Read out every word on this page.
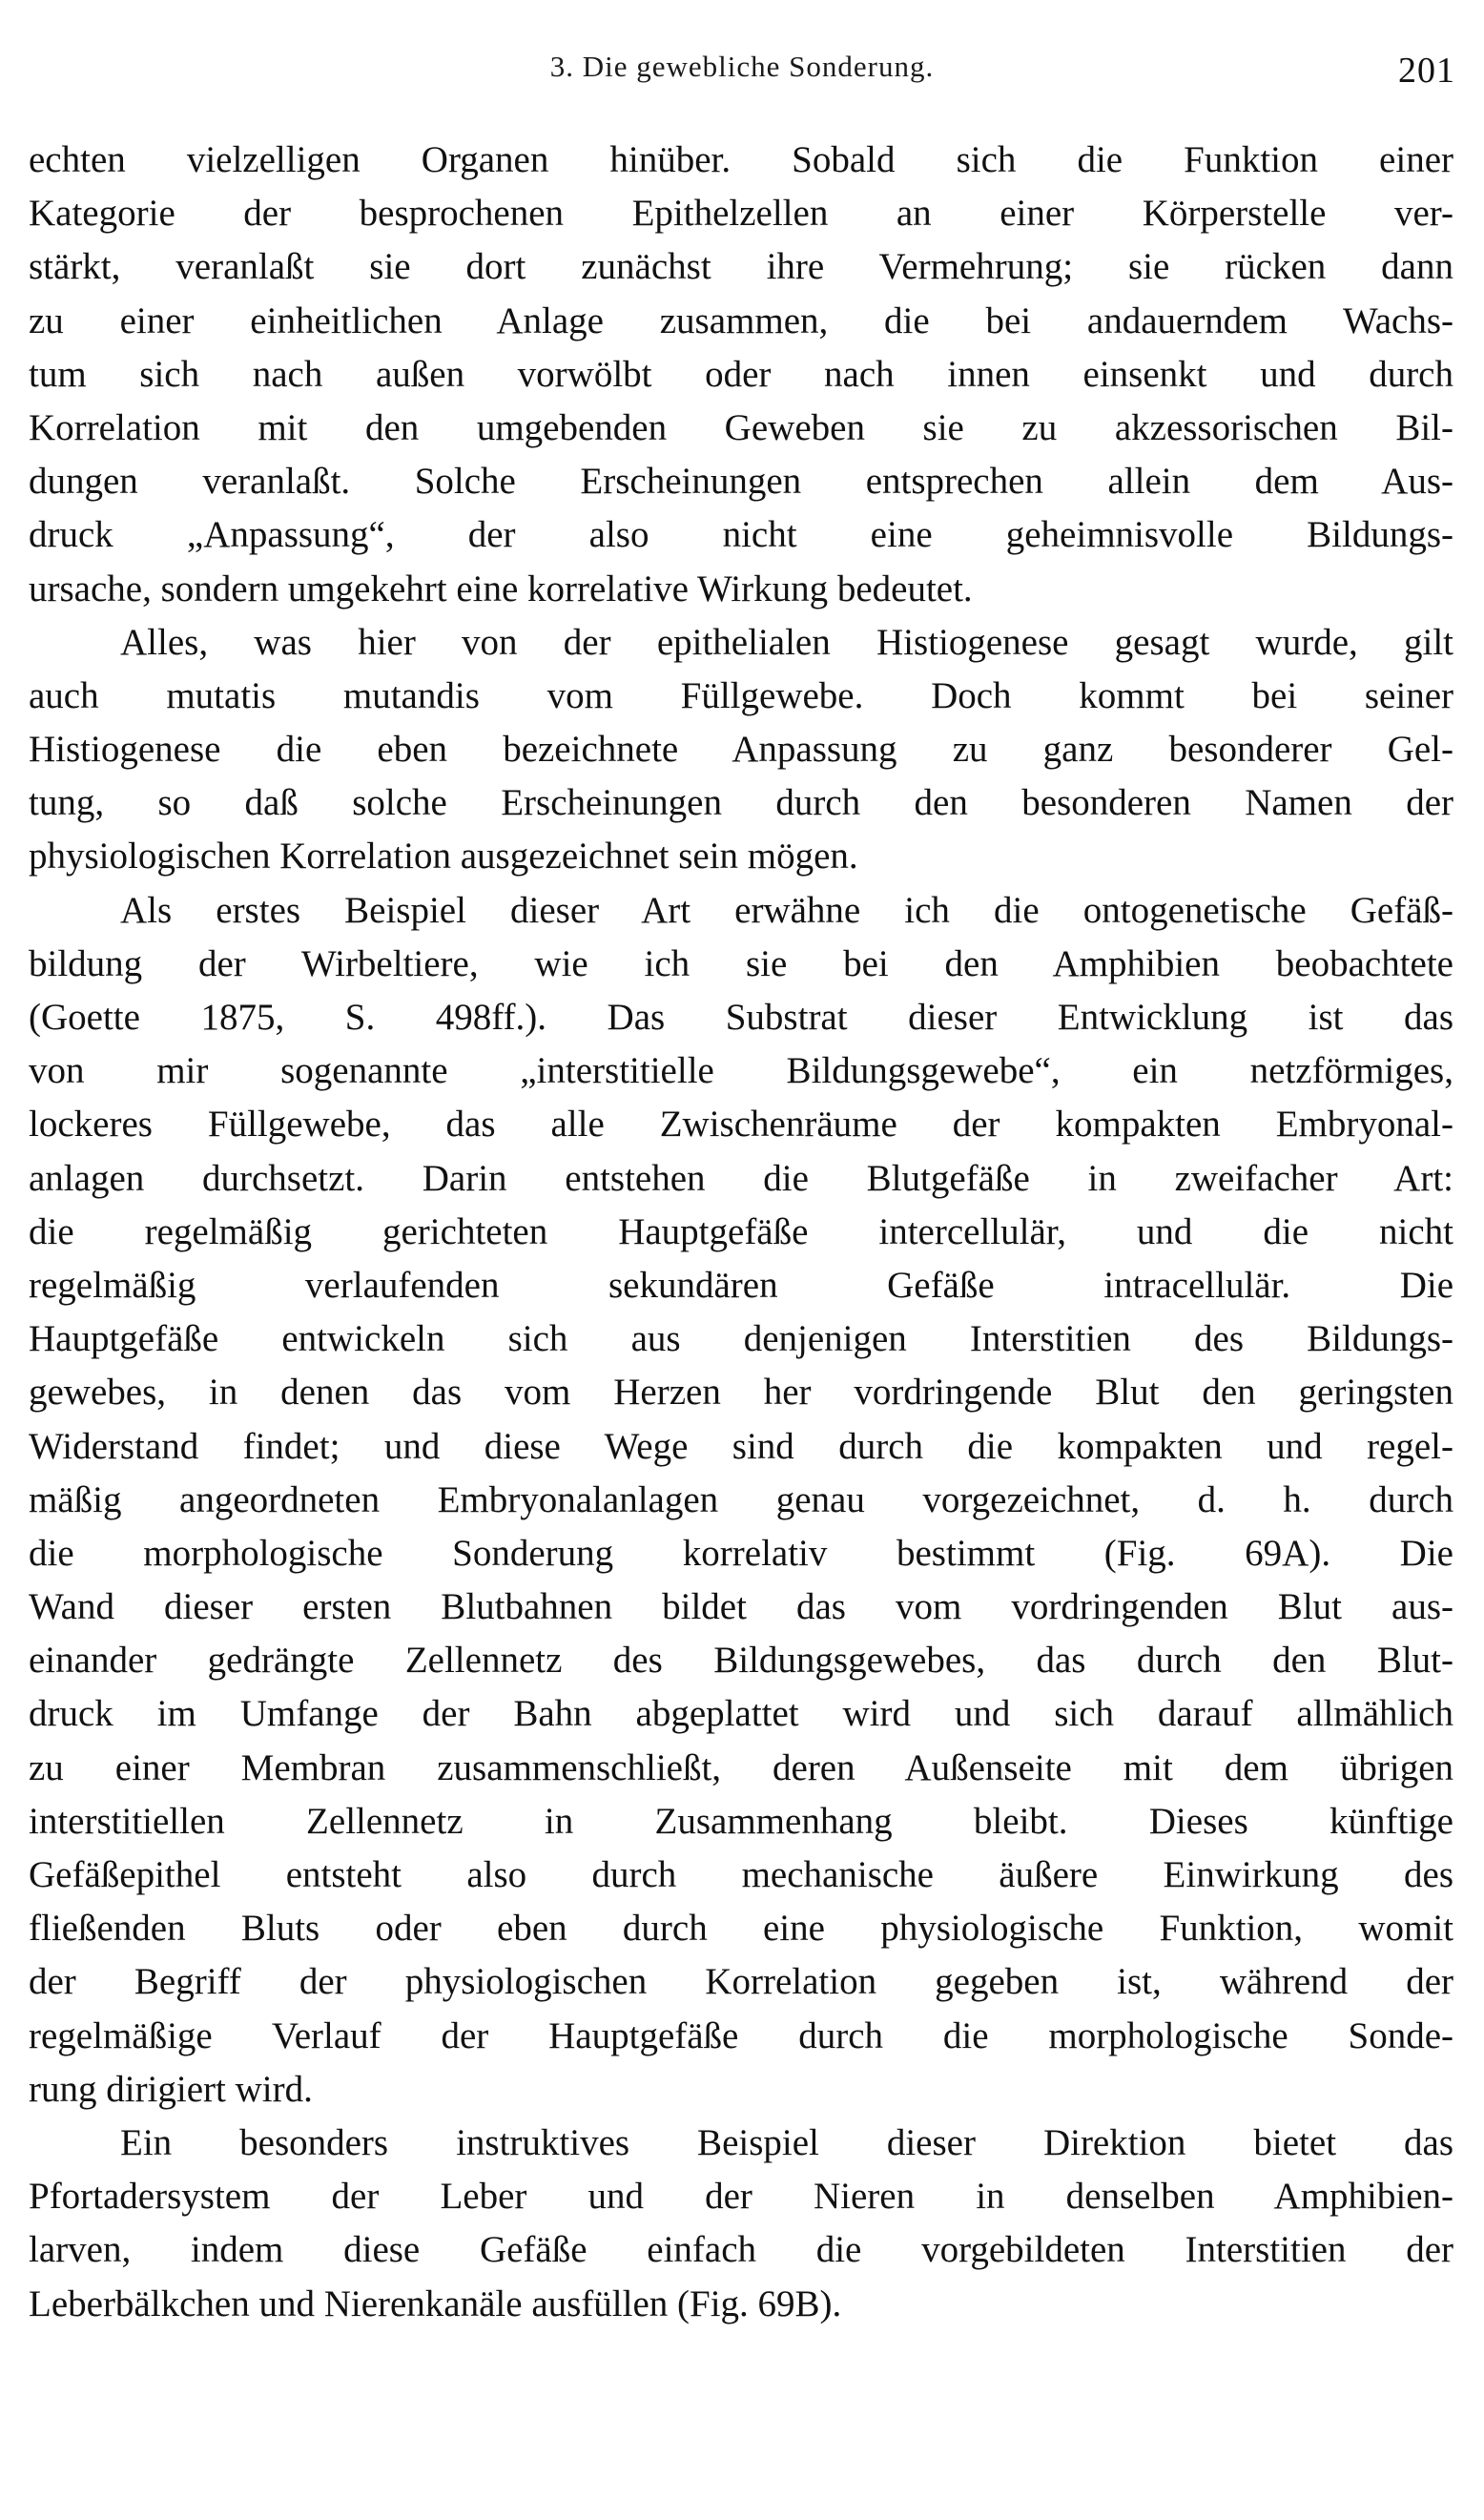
3. Die gewebliche Sonderung.	201

echten vielzelligen Organen hinüber. Sobald sich die Funktion einer
Kategorie der besprochenen Epithelzellen an einer Körperstelle ver-
stärkt, veranlaßt sie dort zunächst ihre Vermehrung; sie rücken dann
zu einer einheitlichen Anlage zusammen, die bei andauerndem Wachs-
tum sich nach außen vorwölbt oder nach innen einsenkt und durch
Korrelation mit den umgebenden Geweben sie zu akzessorischen Bil-
dungen veranlaßt. Solche Erscheinungen entsprechen allein dem Aus-
druck „Anpassung“, der also nicht eine geheimnisvolle Bildungs-
ursache, sondern umgekehrt eine korrelative Wirkung bedeutet.

Alles, was hier von der epithelialen Histiogenese gesagt wurde, gilt
auch mutatis mutandis vom Füllgewebe. Doch kommt bei seiner
Histiogenese die eben bezeichnete Anpassung zu ganz besonderer Gel-
tung, so daß solche Erscheinungen durch den besonderen Namen der
physiologischen Korrelation ausgezeichnet sein mögen.

Als erstes Beispiel dieser Art erwähne ich die ontogenetische Gefäß-
bildung der Wirbeltiere, wie ich sie bei den Amphibien beobachtete
(Goette 1875, S. 498ff.). Das Substrat dieser Entwicklung ist das
von mir sogenannte „interstitielle Bildungsgewebe“, ein netzförmiges,
lockeres Füllgewebe, das alle Zwischenräume der kompakten Embryonal-
anlagen durchsetzt. Darin entstehen die Blutgefäße in zweifacher Art:
die regelmäßig gerichteten Hauptgefäße intercellulär, und die nicht
regelmäßig verlaufenden sekundären Gefäße intracellulär. Die
Hauptgefäße entwickeln sich aus denjenigen Interstitien des Bildungs-
gewebes, in denen das vom Herzen her vordringende Blut den geringsten
Widerstand findet; und diese Wege sind durch die kompakten und regel-
mäßig angeordneten Embryonalanlagen genau vorgezeichnet, d. h. durch
die morphologische Sonderung korrelativ bestimmt (Fig. 69A). Die
Wand dieser ersten Blutbahnen bildet das vom vordringenden Blut aus-
einander gedrängte Zellennetz des Bildungsgewebes, das durch den Blut-
druck im Umfange der Bahn abgeplattet wird und sich darauf allmählich
zu einer Membran zusammenschließt, deren Außenseite mit dem übrigen
interstitiellen Zellennetz in Zusammenhang bleibt. Dieses künftige
Gefäßepithel entsteht also durch mechanische äußere Einwirkung des
fließenden Bluts oder eben durch eine physiologische Funktion, womit
der Begriff der physiologischen Korrelation gegeben ist, während der
regelmäßige Verlauf der Hauptgefäße durch die morphologische Sonde-
rung dirigiert wird.

Ein besonders instruktives Beispiel dieser Direktion bietet das
Pfortadersystem der Leber und der Nieren in denselben Amphibien-
larven, indem diese Gefäße einfach die vorgebildeten Interstitien der
Leberbälkchen und Nierenkanäle ausfüllen (Fig. 69B).
